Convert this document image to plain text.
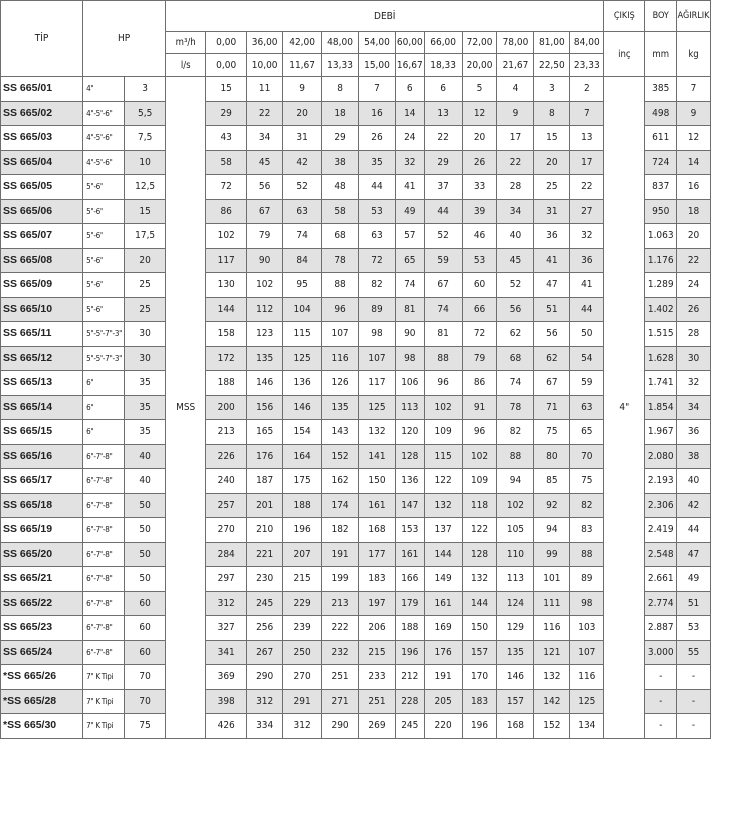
TİP	HP		DEBİ												ÇIKIŞ	BOY	AĞIRLIK
			m³/h	0,00	36,00	42,00	48,00	54,00	60,00	66,00	72,00	78,00	81,00	84,00	inç	mm	kg
			l/s	0,00	10,00	11,67	13,33	15,00	16,67	18,33	20,00	21,67	22,50	23,33			
SS 665/01	4"	3	MSS	15	11	9	8	7	6	6	5	4	3	2	4"	385	7
SS 665/02	4"-5"-6"	5,5		29	22	20	18	16	14	13	12	9	8	7		498	9
SS 665/03	4"-5"-6"	7,5		43	34	31	29	26	24	22	20	17	15	13		611	12
SS 665/04	4"-5"-6"	10		58	45	42	38	35	32	29	26	22	20	17		724	14
SS 665/05	5"-6"	12,5		72	56	52	48	44	41	37	33	28	25	22		837	16
SS 665/06	5"-6"	15		86	67	63	58	53	49	44	39	34	31	27		950	18
SS 665/07	5"-6"	17,5		102	79	74	68	63	57	52	46	40	36	32		1.063	20
SS 665/08	5"-6"	20		117	90	84	78	72	65	59	53	45	41	36		1.176	22
SS 665/09	5"-6"	25		130	102	95	88	82	74	67	60	52	47	41		1.289	24
SS 665/10	5"-6"	25		144	112	104	96	89	81	74	66	56	51	44		1.402	26
SS 665/11	5"-5"-7"-3"	30		158	123	115	107	98	90	81	72	62	56	50		1.515	28
SS 665/12	5"-5"-7"-3"	30		172	135	125	116	107	98	88	79	68	62	54		1.628	30
SS 665/13	6"	35		188	146	136	126	117	106	96	86	74	67	59		1.741	32
SS 665/14	6"	35		200	156	146	135	125	113	102	91	78	71	63		1.854	34
SS 665/15	6"	35		213	165	154	143	132	120	109	96	82	75	65		1.967	36
SS 665/16	6"-7"-8"	40		226	176	164	152	141	128	115	102	88	80	70		2.080	38
SS 665/17	6"-7"-8"	40		240	187	175	162	150	136	122	109	94	85	75		2.193	40
SS 665/18	6"-7"-8"	50		257	201	188	174	161	147	132	118	102	92	82		2.306	42
SS 665/19	6"-7"-8"	50		270	210	196	182	168	153	137	122	105	94	83		2.419	44
SS 665/20	6"-7"-8"	50		284	221	207	191	177	161	144	128	110	99	88		2.548	47
SS 665/21	6"-7"-8"	50		297	230	215	199	183	166	149	132	113	101	89		2.661	49
SS 665/22	6"-7"-8"	60		312	245	229	213	197	179	161	144	124	111	98		2.774	51
SS 665/23	6"-7"-8"	60		327	256	239	222	206	188	169	150	129	116	103		2.887	53
SS 665/24	6"-7"-8"	60		341	267	250	232	215	196	176	157	135	121	107		3.000	55
*SS 665/26	7" K Tipi	70		369	290	270	251	233	212	191	170	146	132	116		-	-
*SS 665/28	7" K Tipi	70		398	312	291	271	251	228	205	183	157	142	125		-	-
*SS 665/30	7" K Tipi	75		426	334	312	290	269	245	220	196	168	152	134		-	-
